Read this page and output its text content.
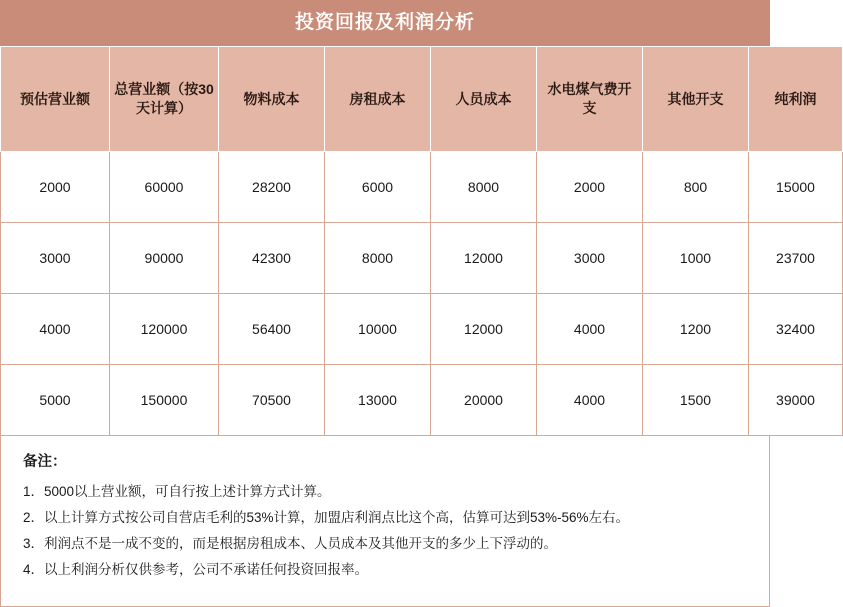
投资回报及利润分析
预估营业额	总营业额（按30天计算）	物料成本	房租成本	人员成本	水电煤气费开支	其他开支	纯利润
2000	60000	28200	6000	8000	2000	800	15000
3000	90000	42300	8000	12000	3000	1000	23700
4000	120000	56400	10000	12000	4000	1200	32400
5000	150000	70500	13000	20000	4000	1500	39000
备注：
1．5000以上营业额，可自行按上述计算方式计算。
2．以上计算方式按公司自营店毛利的53%计算，加盟店利润点比这个高，估算可达到53%-56%左右。
3．利润点不是一成不变的，而是根据房租成本、人员成本及其他开支的多少上下浮动的。
4．以上利润分析仅供参考，公司不承诺任何投资回报率。
